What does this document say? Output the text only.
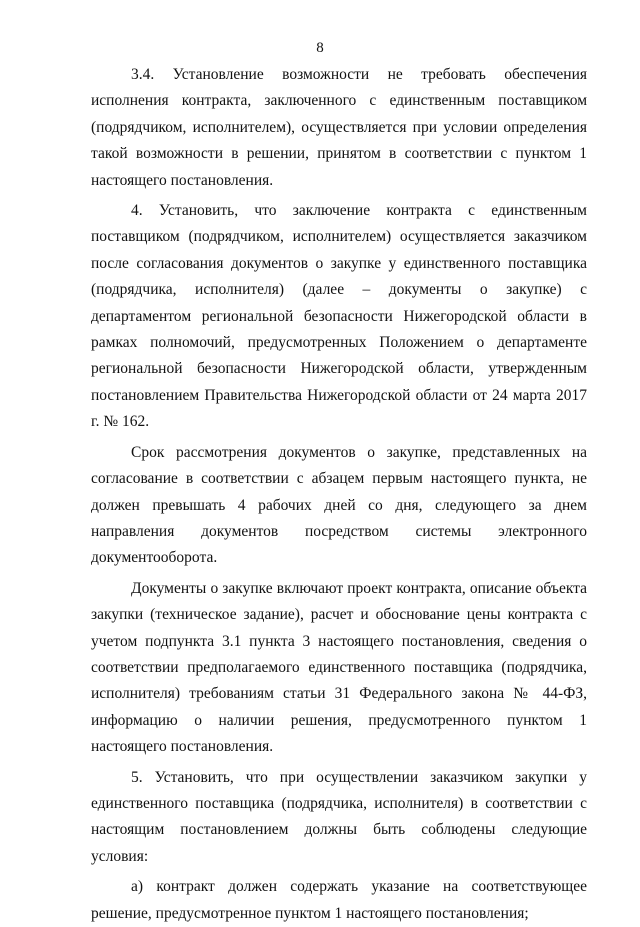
8

3.4. Установление возможности не требовать обеспечения исполнения контракта, заключенного с единственным поставщиком (подрядчиком, исполнителем), осуществляется при условии определения такой возможности в решении, принятом в соответствии с пунктом 1 настоящего постановления.

4. Установить, что заключение контракта с единственным поставщиком (подрядчиком, исполнителем) осуществляется заказчиком после согласования документов о закупке у единственного поставщика (подрядчика, исполнителя) (далее – документы о закупке) с департаментом региональной безопасности Нижегородской области в рамках полномочий, предусмотренных Положением о департаменте региональной безопасности Нижегородской области, утвержденным постановлением Правительства Нижегородской области от 24 марта 2017 г. № 162.

Срок рассмотрения документов о закупке, представленных на согласование в соответствии с абзацем первым настоящего пункта, не должен превышать 4 рабочих дней со дня, следующего за днем направления документов посредством системы электронного документооборота.

Документы о закупке включают проект контракта, описание объекта закупки (техническое задание), расчет и обоснование цены контракта с учетом подпункта 3.1 пункта 3 настоящего постановления, сведения о соответствии предполагаемого единственного поставщика (подрядчика, исполнителя) требованиям статьи 31 Федерального закона № 44-ФЗ, информацию о наличии решения, предусмотренного пунктом 1 настоящего постановления.

5. Установить, что при осуществлении заказчиком закупки у единственного поставщика (подрядчика, исполнителя) в соответствии с настоящим постановлением должны быть соблюдены следующие условия:

а) контракт должен содержать указание на соответствующее решение, предусмотренное пунктом 1 настоящего постановления;
